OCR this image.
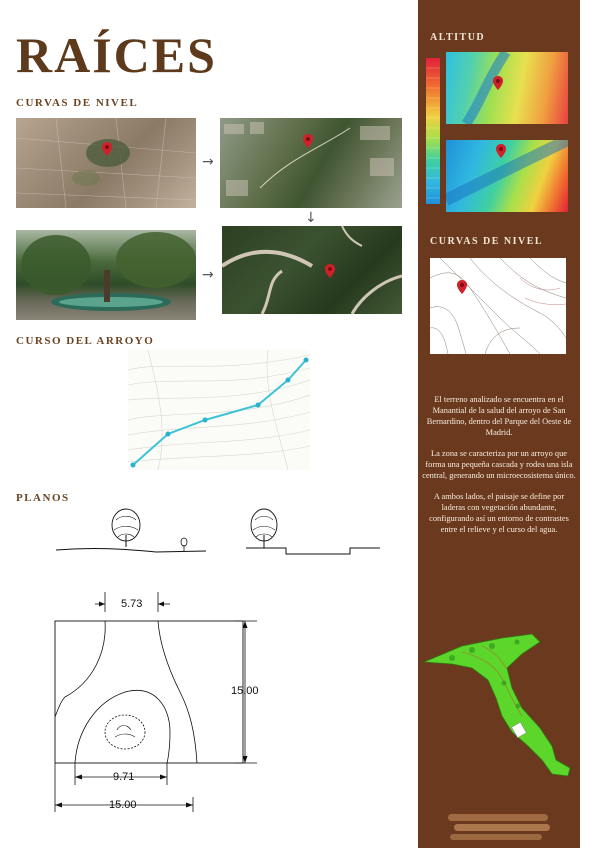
RAÍCES
CURVAS DE NIVEL
→
↓
→
CURSO DEL ARROYO
PLANOS
5.73
15.00
9.71
15.00
ALTITUD
CURVAS DE NIVEL

El terreno analizado se encuentra en el Manantial de la salud del arroyo de San Bernardino, dentro del Parque del Oeste de Madrid.

La zona se caracteriza por un arroyo que forma una pequeña cascada y rodea una isla central, generando un microecosistema único.

A ambos lados, el paisaje se define por laderas con vegetación abundante, configurando así un entorno de contrastes entre el relieve y el curso del agua.
